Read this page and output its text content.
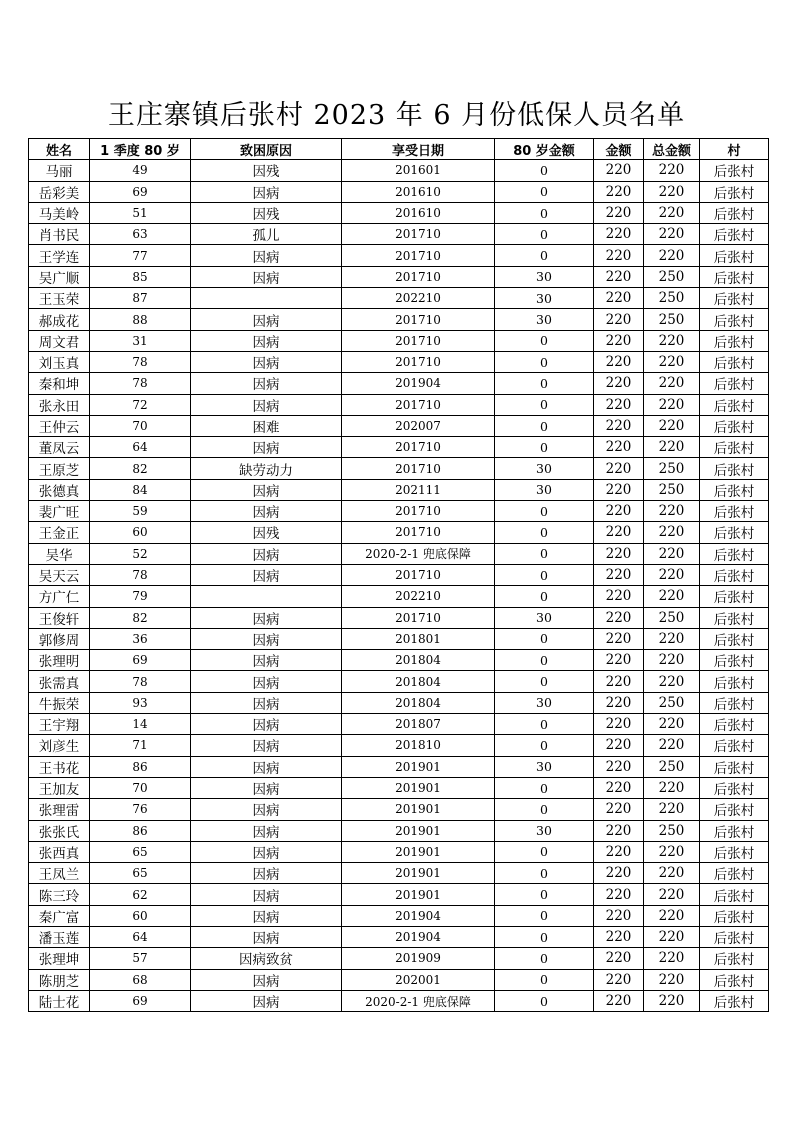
王庄寨镇后张村 2023 年 6 月份低保人员名单
姓名	1 季度 80 岁	致困原因	享受日期	80 岁金额	金额	总金额	村
马丽	49	因残	201601	0	220	220	后张村
岳彩美	69	因病	201610	0	220	220	后张村
马美岭	51	因残	201610	0	220	220	后张村
肖书民	63	孤儿	201710	0	220	220	后张村
王学连	77	因病	201710	0	220	220	后张村
吴广顺	85	因病	201710	30	220	250	后张村
王玉荣	87		202210	30	220	250	后张村
郝成花	88	因病	201710	30	220	250	后张村
周文君	31	因病	201710	0	220	220	后张村
刘玉真	78	因病	201710	0	220	220	后张村
秦和坤	78	因病	201904	0	220	220	后张村
张永田	72	因病	201710	0	220	220	后张村
王仲云	70	困难	202007	0	220	220	后张村
董凤云	64	因病	201710	0	220	220	后张村
王原芝	82	缺劳动力	201710	30	220	250	后张村
张德真	84	因病	202111	30	220	250	后张村
裴广旺	59	因病	201710	0	220	220	后张村
王金正	60	因残	201710	0	220	220	后张村
吴华	52	因病	2020-2-1 兜底保障	0	220	220	后张村
吴天云	78	因病	201710	0	220	220	后张村
方广仁	79		202210	0	220	220	后张村
王俊轩	82	因病	201710	30	220	250	后张村
郭修周	36	因病	201801	0	220	220	后张村
张理明	69	因病	201804	0	220	220	后张村
张需真	78	因病	201804	0	220	220	后张村
牛振荣	93	因病	201804	30	220	250	后张村
王宇翔	14	因病	201807	0	220	220	后张村
刘彦生	71	因病	201810	0	220	220	后张村
王书花	86	因病	201901	30	220	250	后张村
王加友	70	因病	201901	0	220	220	后张村
张理雷	76	因病	201901	0	220	220	后张村
张张氏	86	因病	201901	30	220	250	后张村
张西真	65	因病	201901	0	220	220	后张村
王凤兰	65	因病	201901	0	220	220	后张村
陈三玲	62	因病	201901	0	220	220	后张村
秦广富	60	因病	201904	0	220	220	后张村
潘玉莲	64	因病	201904	0	220	220	后张村
张理坤	57	因病致贫	201909	0	220	220	后张村
陈朋芝	68	因病	202001	0	220	220	后张村
陆士花	69	因病	2020-2-1 兜底保障	0	220	220	后张村
